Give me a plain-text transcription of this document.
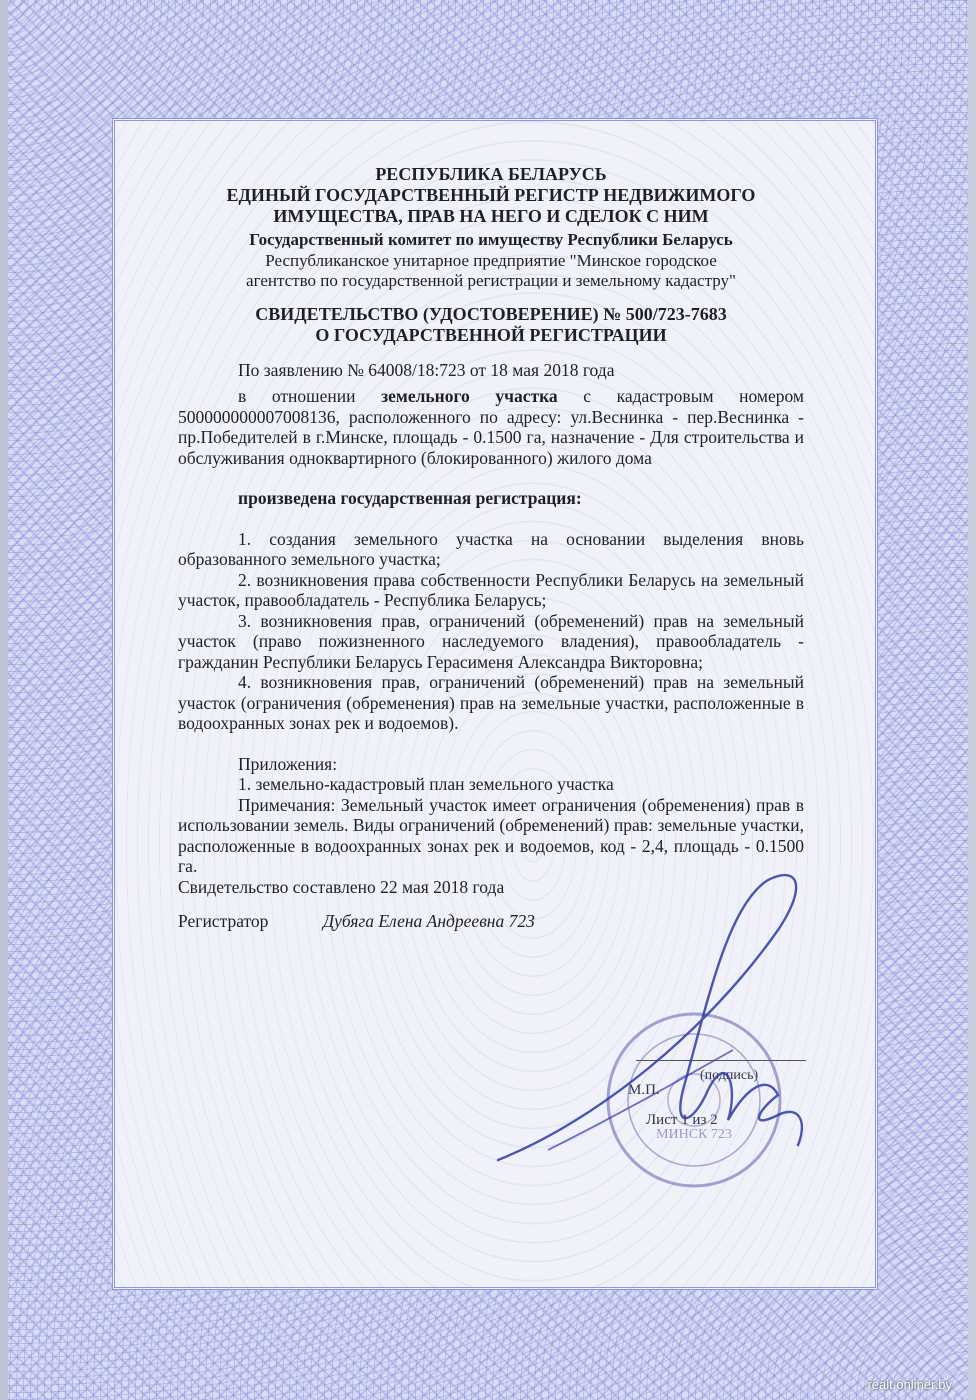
РЕСПУБЛИКА БЕЛАРУСЬ
ЕДИНЫЙ ГОСУДАРСТВЕННЫЙ РЕГИСТР НЕДВИЖИМОГО
ИМУЩЕСТВА, ПРАВ НА НЕГО И СДЕЛОК С НИМ
Государственный комитет по имуществу Республики Беларусь
Республиканское унитарное предприятие "Минское городское
агентство по государственной регистрации и земельному кадастру"
СВИДЕТЕЛЬСТВО (УДОСТОВЕРЕНИЕ) № 500/723-7683
О ГОСУДАРСТВЕННОЙ РЕГИСТРАЦИИ

По заявлению № 64008/18:723 от 18 мая 2018 года

в отношении земельного участка с кадастровым номером 500000000007008136, расположенного по адресу: ул.Веснинка - пер.Веснинка - пр.Победителей в г.Минске, площадь - 0.1500 га, назначение - Для строительства и обслуживания одноквартирного (блокированного) жилого дома

произведена государственная регистрация:

1. создания земельного участка на основании выделения вновь образованного земельного участка;

2. возникновения права собственности Республики Беларусь на земельный участок, правообладатель - Республика Беларусь;

3. возникновения прав, ограничений (обременений) прав на земельный участок (право пожизненного наследуемого владения), правообладатель - гражданин Республики Беларусь Герасименя Александра Викторовна;

4. возникновения прав, ограничений (обременений) прав на земельный участок (ограничения (обременения) прав на земельные участки, расположенные в водоохранных зонах рек и водоемов).

Приложения:

1. земельно-кадастровый план земельного участка

Примечания: Земельный участок имеет ограничения (обременения) прав в использовании земель. Виды ограничений (обременений) прав: земельные участки, расположенные в водоохранных зонах рек и водоемов, код - 2,4, площадь - 0.1500 га.

Свидетельство составлено 22 мая 2018 года

Регистратор	Дубяга Елена Андреевна 723
(подпись)
М.П.
Лист 1 из 2
МИНСК 723
realt.onliner.by
